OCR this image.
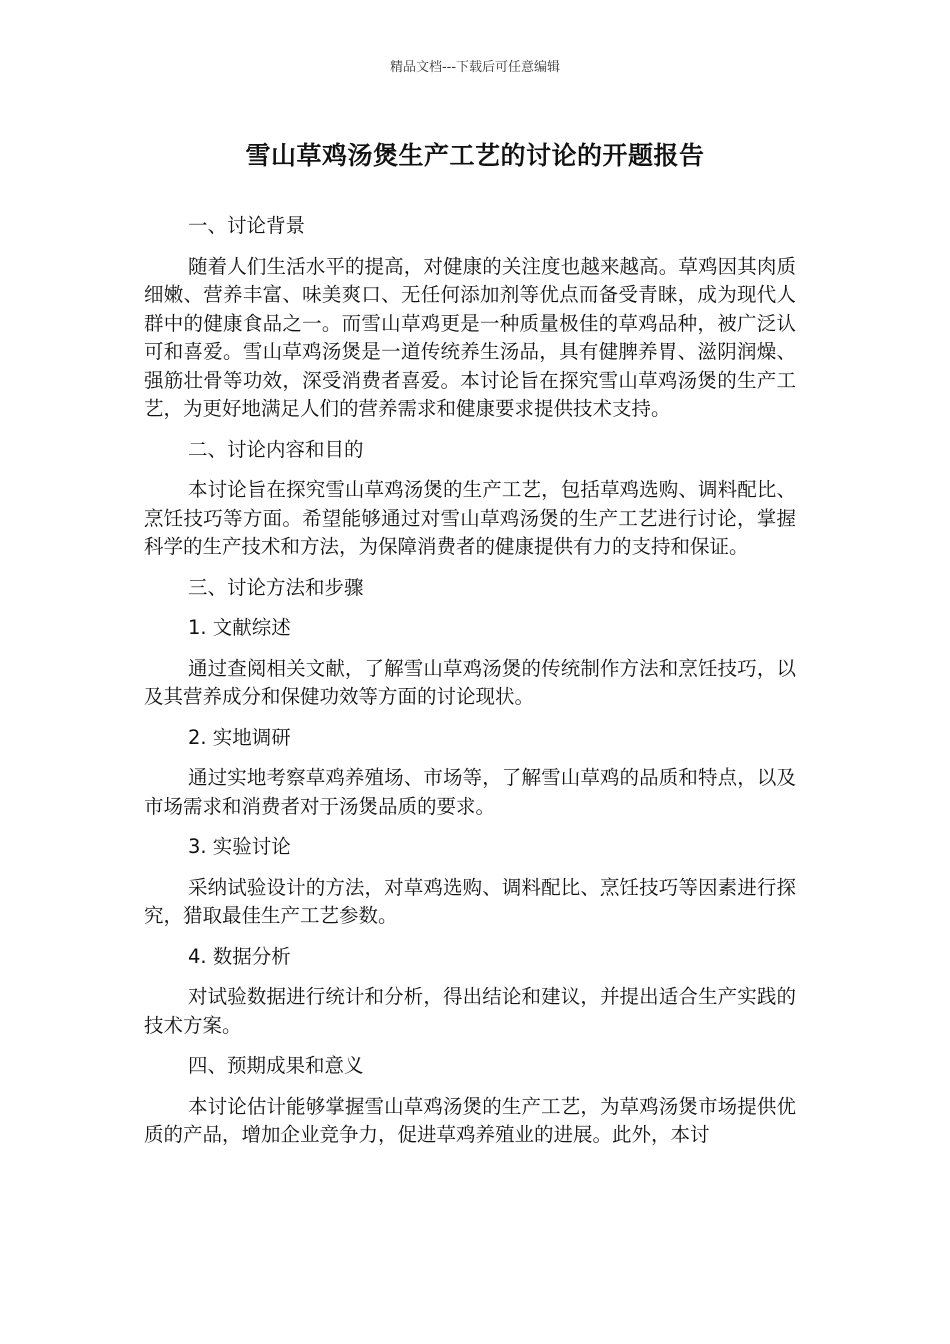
精品文档---下载后可任意编辑
雪山草鸡汤煲生产工艺的讨论的开题报告

一、讨论背景

随着人们生活水平的提高，对健康的关注度也越来越高。草鸡因其肉质细嫩、营养丰富、味美爽口、无任何添加剂等优点而备受青睐，成为现代人群中的健康食品之一。而雪山草鸡更是一种质量极佳的草鸡品种，被广泛认可和喜爱。雪山草鸡汤煲是一道传统养生汤品，具有健脾养胃、滋阴润燥、强筋壮骨等功效，深受消费者喜爱。本讨论旨在探究雪山草鸡汤煲的生产工艺，为更好地满足人们的营养需求和健康要求提供技术支持。

二、讨论内容和目的

本讨论旨在探究雪山草鸡汤煲的生产工艺，包括草鸡选购、调料配比、烹饪技巧等方面。希望能够通过对雪山草鸡汤煲的生产工艺进行讨论，掌握科学的生产技术和方法，为保障消费者的健康提供有力的支持和保证。

三、讨论方法和步骤

1. 文献综述

通过查阅相关文献，了解雪山草鸡汤煲的传统制作方法和烹饪技巧，以及其营养成分和保健功效等方面的讨论现状。

2. 实地调研

通过实地考察草鸡养殖场、市场等，了解雪山草鸡的品质和特点，以及市场需求和消费者对于汤煲品质的要求。

3. 实验讨论

采纳试验设计的方法，对草鸡选购、调料配比、烹饪技巧等因素进行探究，猎取最佳生产工艺参数。

4. 数据分析

对试验数据进行统计和分析，得出结论和建议，并提出适合生产实践的技术方案。

四、预期成果和意义

本讨论估计能够掌握雪山草鸡汤煲的生产工艺，为草鸡汤煲市场提供优质的产品，增加企业竞争力，促进草鸡养殖业的进展。此外，本讨
